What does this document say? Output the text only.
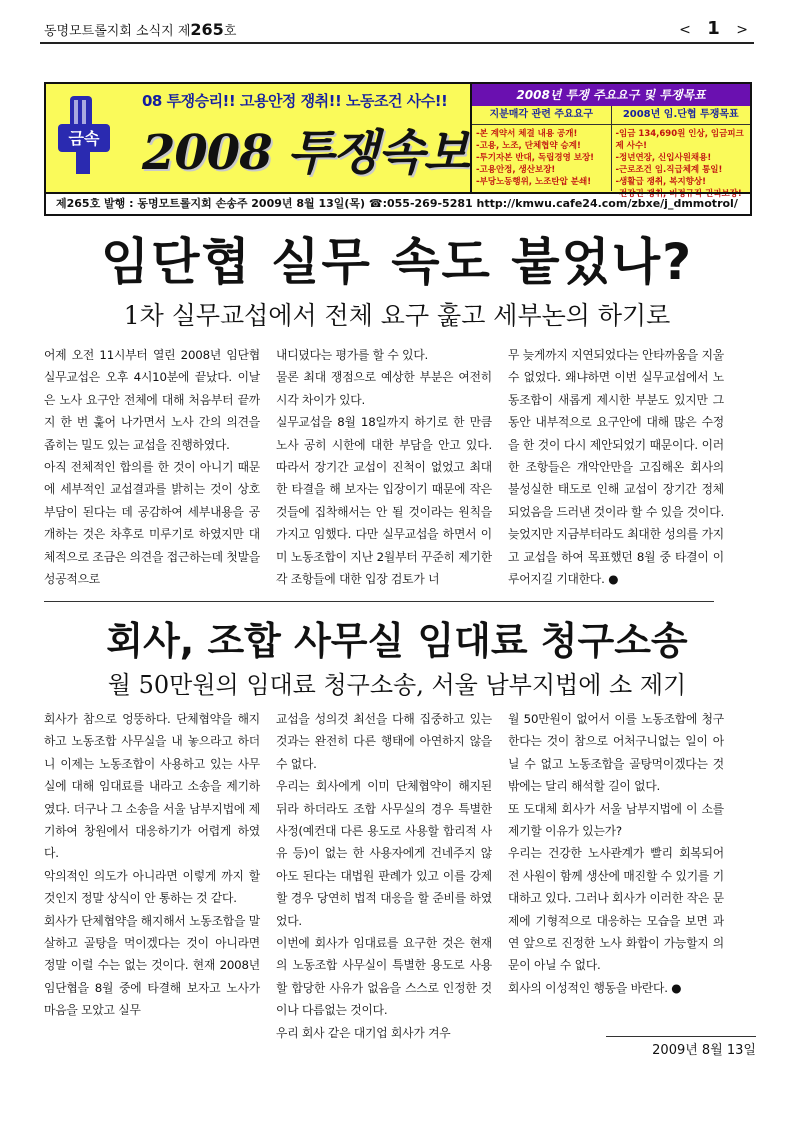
동명모트롤지회 소식지 제265호	< 1 >
금속
08 투쟁승리!! 고용안정 쟁취!! 노동조건 사수!!
2008 투쟁속보
2008년 투쟁 주요요구 및 투쟁목표
지분매각 관련 주요요구	2008년 임.단협 투쟁목표
-본 계약서 체결 내용 공개!
-고용, 노조, 단체협약 승계!
-투기자본 반대, 독립경영 보장!
-고용안정, 생산보장!
-부당노동행위, 노조탄압 분쇄!
-임금 134,690원 인상, 임금피크제 사수!
-정년연장, 신입사원채용!
-근로조건 임.직급체계 통일!
-생활급 쟁취, 복지향상!
-건강권 쟁취, 비정규직 권리보장!
제265호 발행 : 동명모트롤지회 손송주 2009년 8월 13일(목) ☎:055-269-5281 http://kmwu.cafe24.com/zbxe/j_dmmotrol/
임단협 실무 속도 붙었나?
1차 실무교섭에서 전체 요구 훑고 세부논의 하기로

어제 오전 11시부터 열린 2008년 임단협 실무교섭은 오후 4시10분에 끝났다. 이날은 노사 요구안 전체에 대해 처음부터 끝까지 한 번 훑어 나가면서 노사 간의 의견을 좁히는 밀도 있는 교섭을 진행하였다.

아직 전체적인 합의를 한 것이 아니기 때문에 세부적인 교섭결과를 밝히는 것이 상호 부담이 된다는 데 공감하여 세부내용을 공개하는 것은 차후로 미루기로 하였지만 대체적으로 조금은 의견을 접근하는데 첫발을 성공적으로

내디뎠다는 평가를 할 수 있다.

물론 최대 쟁점으로 예상한 부분은 여전히 시각 차이가 있다.

실무교섭을 8월 18일까지 하기로 한 만큼 노사 공히 시한에 대한 부담을 안고 있다. 따라서 장기간 교섭이 진척이 없었고 최대한 타결을 해 보자는 입장이기 때문에 작은 것들에 집착해서는 안 될 것이라는 원칙을 가지고 임했다. 다만 실무교섭을 하면서 이미 노동조합이 지난 2월부터 꾸준히 제기한 각 조항들에 대한 입장 검토가 너

무 늦게까지 지연되었다는 안타까움을 지울 수 없었다. 왜냐하면 이번 실무교섭에서 노동조합이 새롭게 제시한 부분도 있지만 그 동안 내부적으로 요구안에 대해 많은 수정을 한 것이 다시 제안되었기 때문이다. 이러한 조항들은 개악안만을 고집해온 회사의 불성실한 태도로 인해 교섭이 장기간 정체되었음을 드러낸 것이라 할 수 있을 것이다. 늦었지만 지금부터라도 최대한 성의를 가지고 교섭을 하여 목표했던 8월 중 타결이 이루어지길 기대한다. ●

회사, 조합 사무실 임대료 청구소송
월 50만원의 임대료 청구소송, 서울 남부지법에 소 제기

회사가 참으로 엉뚱하다. 단체협약을 해지하고 노동조합 사무실을 내 놓으라고 하더니 이제는 노동조합이 사용하고 있는 사무실에 대해 임대료를 내라고 소송을 제기하였다. 더구나 그 소송을 서울 남부지법에 제기하여 창원에서 대응하기가 어렵게 하였다.

악의적인 의도가 아니라면 이렇게 까지 할 것인지 정말 상식이 안 통하는 것 같다.

회사가 단체협약을 해지해서 노동조합을 말살하고 골탕을 먹이겠다는 것이 아니라면 정말 이럴 수는 없는 것이다. 현재 2008년 임단협을 8월 중에 타결해 보자고 노사가 마음을 모았고 실무

교섭을 성의것 최선을 다해 집중하고 있는 것과는 완전히 다른 행태에 아연하지 않을 수 없다.

우리는 회사에게 이미 단체협약이 해지된 뒤라 하더라도 조합 사무실의 경우 특별한 사정(예컨대 다른 용도로 사용할 합리적 사유 등)이 없는 한 사용자에게 건네주지 않아도 된다는 대법원 판례가 있고 이를 강제할 경우 당연히 법적 대응을 할 준비를 하였었다.

이번에 회사가 임대료를 요구한 것은 현재의 노동조합 사무실이 특별한 용도로 사용할 합당한 사유가 없음을 스스로 인정한 것이나 다름없는 것이다.

우리 회사 같은 대기업 회사가 겨우

월 50만원이 없어서 이를 노동조합에 청구한다는 것이 참으로 어처구니없는 일이 아닐 수 없고 노동조합을 골탕먹이겠다는 것밖에는 달리 해석할 길이 없다.

또 도대체 회사가 서울 남부지법에 이 소를 제기할 이유가 있는가?

우리는 건강한 노사관계가 빨리 회복되어 전 사원이 함께 생산에 매진할 수 있기를 기대하고 있다. 그러나 회사가 이러한 작은 문제에 기형적으로 대응하는 모습을 보면 과연 앞으로 진정한 노사 화합이 가능할지 의문이 아닐 수 없다.

회사의 이성적인 행동을 바란다. ●

2009년 8월 13일
